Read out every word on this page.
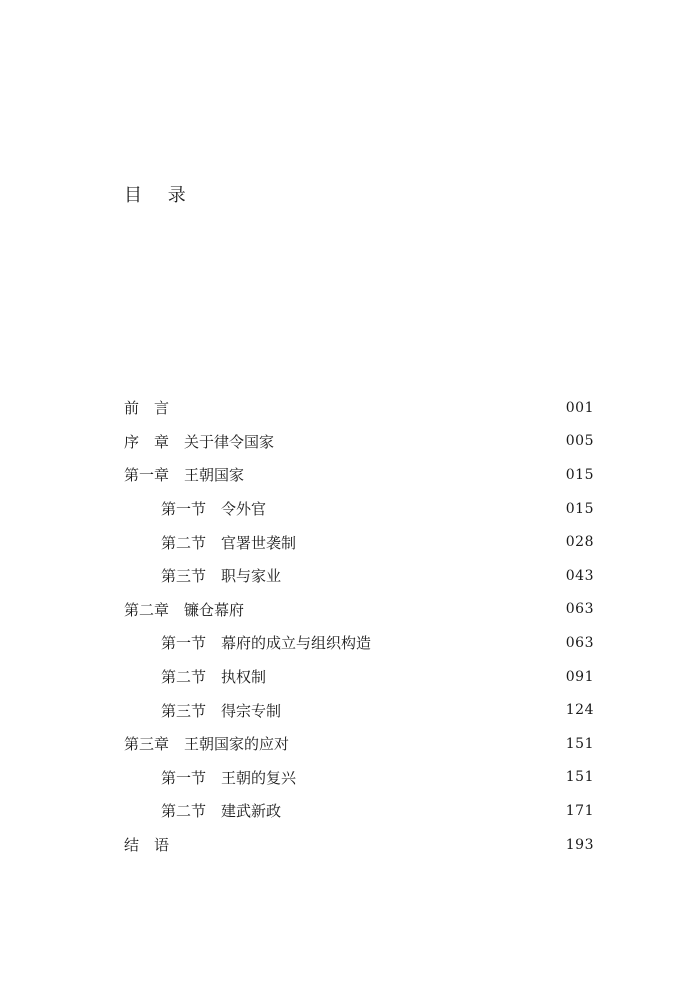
目 录
前　言	001
序　章　关于律令国家	005
第一章　王朝国家	015
第一节　令外官	015
第二节　官署世袭制	028
第三节　职与家业	043
第二章　镰仓幕府	063
第一节　幕府的成立与组织构造	063
第二节　执权制	091
第三节　得宗专制	124
第三章　王朝国家的应对	151
第一节　王朝的复兴	151
第二节　建武新政	171
结　语	193
